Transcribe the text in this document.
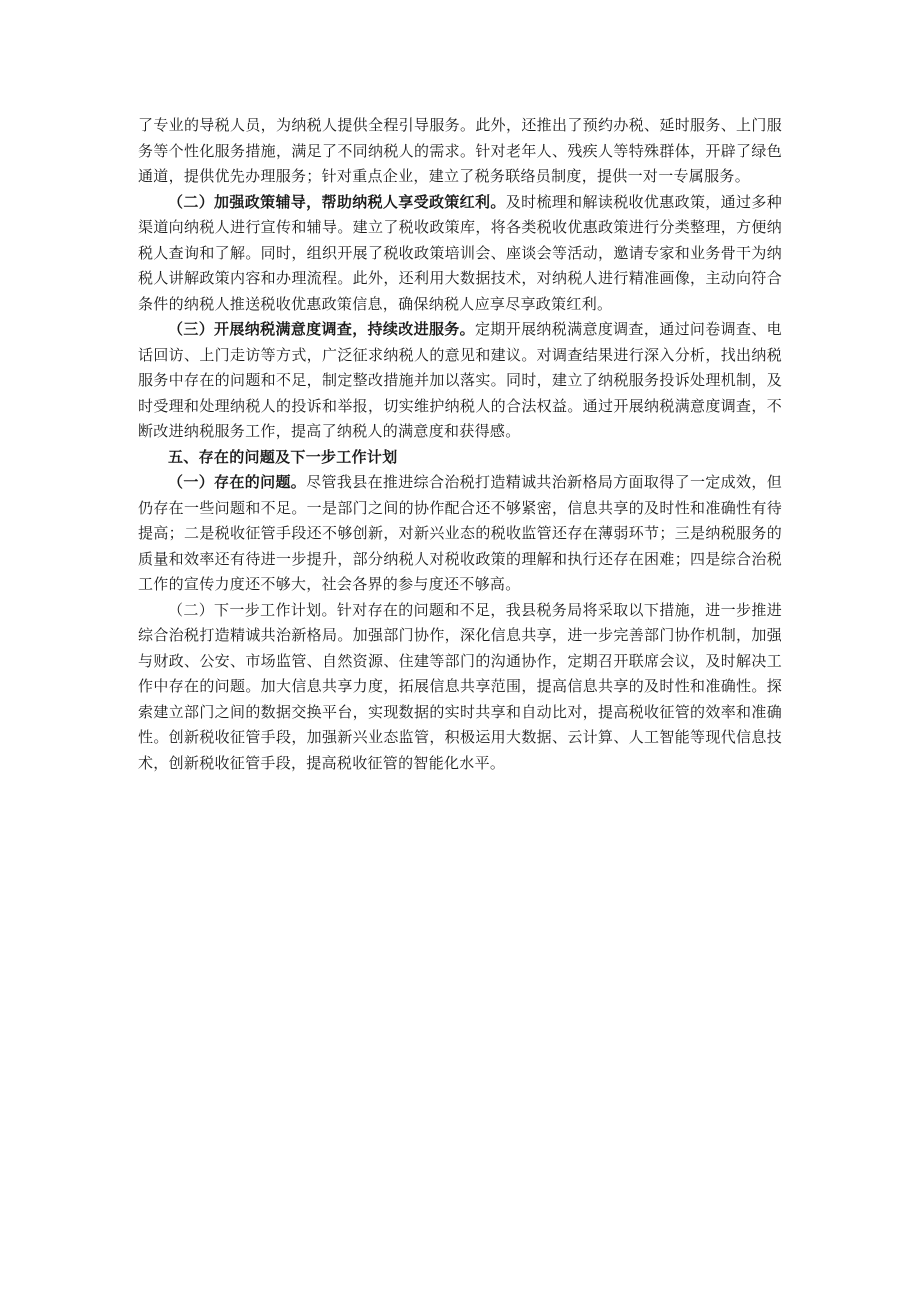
了专业的导税人员，为纳税人提供全程引导服务。此外，还推出了预约办税、延时服务、上门服务等个性化服务措施，满足了不同纳税人的需求。针对老年人、残疾人等特殊群体，开辟了绿色通道，提供优先办理服务；针对重点企业，建立了税务联络员制度，提供一对一专属服务。

（二）加强政策辅导，帮助纳税人享受政策红利。及时梳理和解读税收优惠政策，通过多种渠道向纳税人进行宣传和辅导。建立了税收政策库，将各类税收优惠政策进行分类整理，方便纳税人查询和了解。同时，组织开展了税收政策培训会、座谈会等活动，邀请专家和业务骨干为纳税人讲解政策内容和办理流程。此外，还利用大数据技术，对纳税人进行精准画像，主动向符合条件的纳税人推送税收优惠政策信息，确保纳税人应享尽享政策红利。

（三）开展纳税满意度调查，持续改进服务。定期开展纳税满意度调查，通过问卷调查、电话回访、上门走访等方式，广泛征求纳税人的意见和建议。对调查结果进行深入分析，找出纳税服务中存在的问题和不足，制定整改措施并加以落实。同时，建立了纳税服务投诉处理机制，及时受理和处理纳税人的投诉和举报，切实维护纳税人的合法权益。通过开展纳税满意度调查，不断改进纳税服务工作，提高了纳税人的满意度和获得感。

五、存在的问题及下一步工作计划

（一）存在的问题。尽管我县在推进综合治税打造精诚共治新格局方面取得了一定成效，但仍存在一些问题和不足。一是部门之间的协作配合还不够紧密，信息共享的及时性和准确性有待提高；二是税收征管手段还不够创新，对新兴业态的税收监管还存在薄弱环节；三是纳税服务的质量和效率还有待进一步提升，部分纳税人对税收政策的理解和执行还存在困难；四是综合治税工作的宣传力度还不够大，社会各界的参与度还不够高。

（二）下一步工作计划。针对存在的问题和不足，我县税务局将采取以下措施，进一步推进综合治税打造精诚共治新格局。加强部门协作，深化信息共享，进一步完善部门协作机制，加强与财政、公安、市场监管、自然资源、住建等部门的沟通协作，定期召开联席会议，及时解决工作中存在的问题。加大信息共享力度，拓展信息共享范围，提高信息共享的及时性和准确性。探索建立部门之间的数据交换平台，实现数据的实时共享和自动比对，提高税收征管的效率和准确性。创新税收征管手段，加强新兴业态监管，积极运用大数据、云计算、人工智能等现代信息技术，创新税收征管手段，提高税收征管的智能化水平。
